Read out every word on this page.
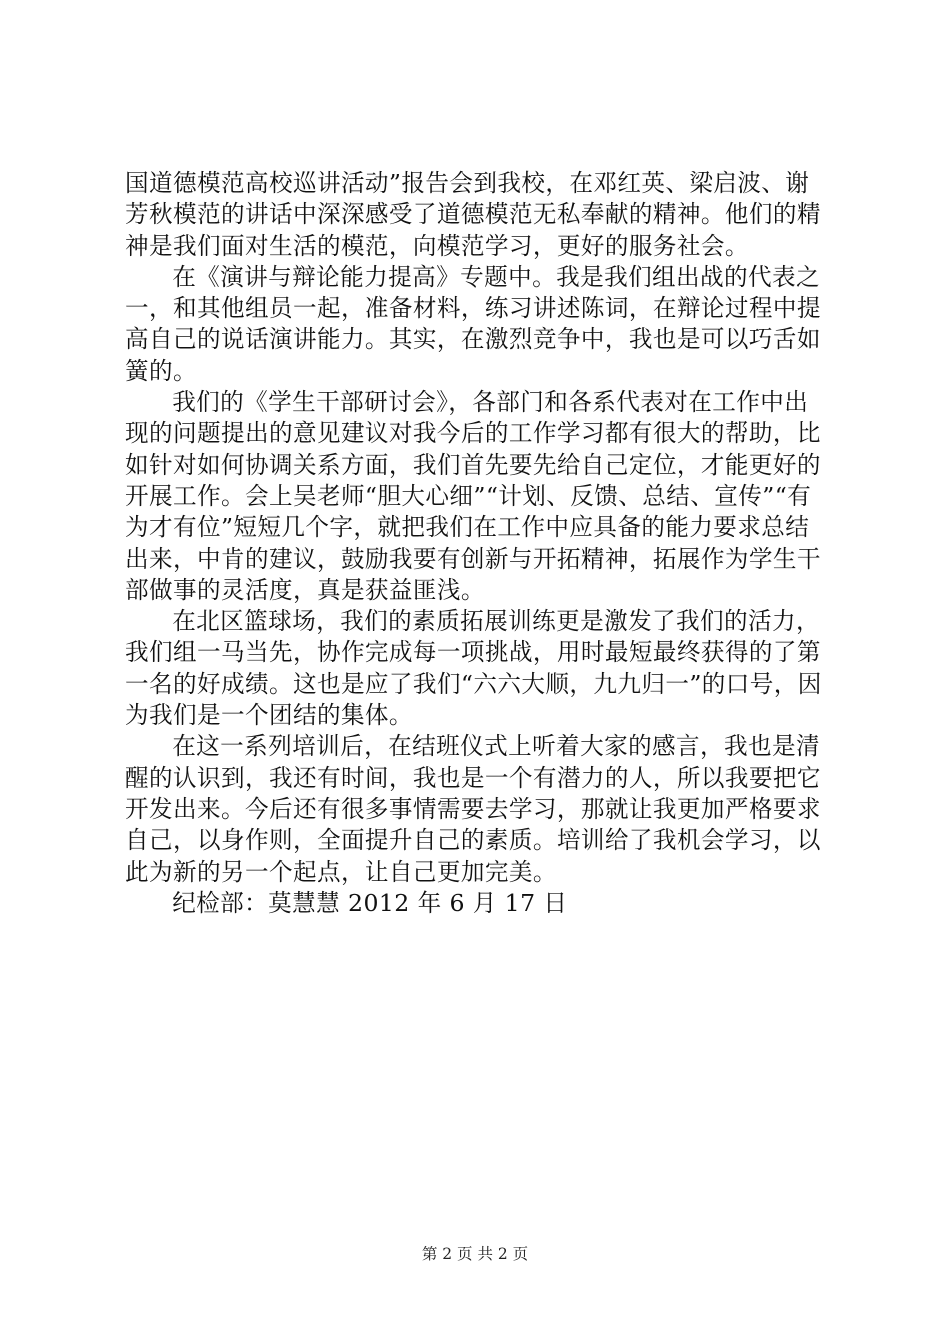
国道德模范高校巡讲活动”报告会到我校，在邓红英、梁启波、谢芳秋模范的讲话中深深感受了道德模范无私奉献的精神。他们的精神是我们面对生活的模范，向模范学习，更好的服务社会。

在《演讲与辩论能力提高》专题中。我是我们组出战的代表之一，和其他组员一起，准备材料，练习讲述陈词，在辩论过程中提高自己的说话演讲能力。其实，在激烈竞争中，我也是可以巧舌如簧的。

我们的《学生干部研讨会》，各部门和各系代表对在工作中出现的问题提出的意见建议对我今后的工作学习都有很大的帮助，比如针对如何协调关系方面，我们首先要先给自己定位，才能更好的开展工作。会上吴老师“胆大心细”“计划、反馈、总结、宣传”“有为才有位”短短几个字，就把我们在工作中应具备的能力要求总结出来，中肯的建议，鼓励我要有创新与开拓精神，拓展作为学生干部做事的灵活度，真是获益匪浅。

在北区篮球场，我们的素质拓展训练更是激发了我们的活力，我们组一马当先，协作完成每一项挑战，用时最短最终获得的了第一名的好成绩。这也是应了我们“六六大顺，九九归一”的口号，因为我们是一个团结的集体。

在这一系列培训后，在结班仪式上听着大家的感言，我也是清醒的认识到，我还有时间，我也是一个有潜力的人，所以我要把它开发出来。今后还有很多事情需要去学习，那就让我更加严格要求自己，以身作则，全面提升自己的素质。培训给了我机会学习，以此为新的另一个起点，让自己更加完美。

纪检部：莫慧慧 2012 年 6 月 17 日

第 2 页 共 2 页
